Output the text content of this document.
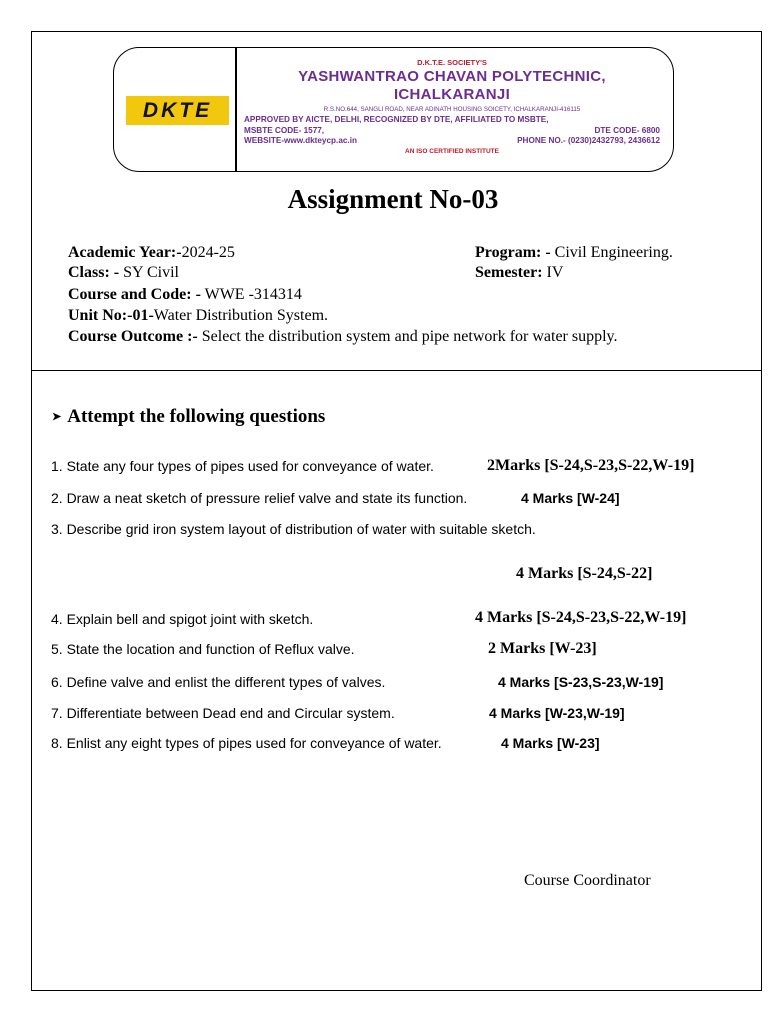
DKTE
D.K.T.E. SOCIETY'S
YASHWANTRAO CHAVAN POLYTECHNIC,
ICHALKARANJI
R.S.NO.644, SANGLI ROAD, NEAR ADINATH HOUSING SOICETY, ICHALKARANJI-416115
APPROVED BY AICTE, DELHI, RECOGNIZED BY DTE, AFFILIATED TO MSBTE,
MSBTE CODE- 1577,	DTE CODE- 6800
WEBSITE-www.dkteycp.ac.in	PHONE NO.- (0230)2432793, 2436612
AN ISO CERTIFIED INSTITUTE
Assignment No-03
Academic Year:-2024-25	Program: - Civil Engineering.
Class: - SY Civil	Semester: IV
Course and Code: - WWE -314314
Unit No:-01-Water Distribution System.
Course Outcome :- Select the distribution system and pipe network for water supply.
➤ Attempt the following questions
1. State any four types of pipes used for conveyance of water.	2Marks [S-24,S-23,S-22,W-19]
2. Draw a neat sketch of pressure relief valve and state its function.	4 Marks [W-24]
3. Describe grid iron system layout of distribution of water with suitable sketch.
4 Marks [S-24,S-22]
4. Explain bell and spigot joint with sketch.	4 Marks [S-24,S-23,S-22,W-19]
5. State the location and function of Reflux valve.	2 Marks [W-23]
6. Define valve and enlist the different types of valves.	4 Marks [S-23,S-23,W-19]
7. Differentiate between Dead end and Circular system.	4 Marks [W-23,W-19]
8. Enlist any eight types of pipes used for conveyance of water.	4 Marks [W-23]
Course Coordinator
